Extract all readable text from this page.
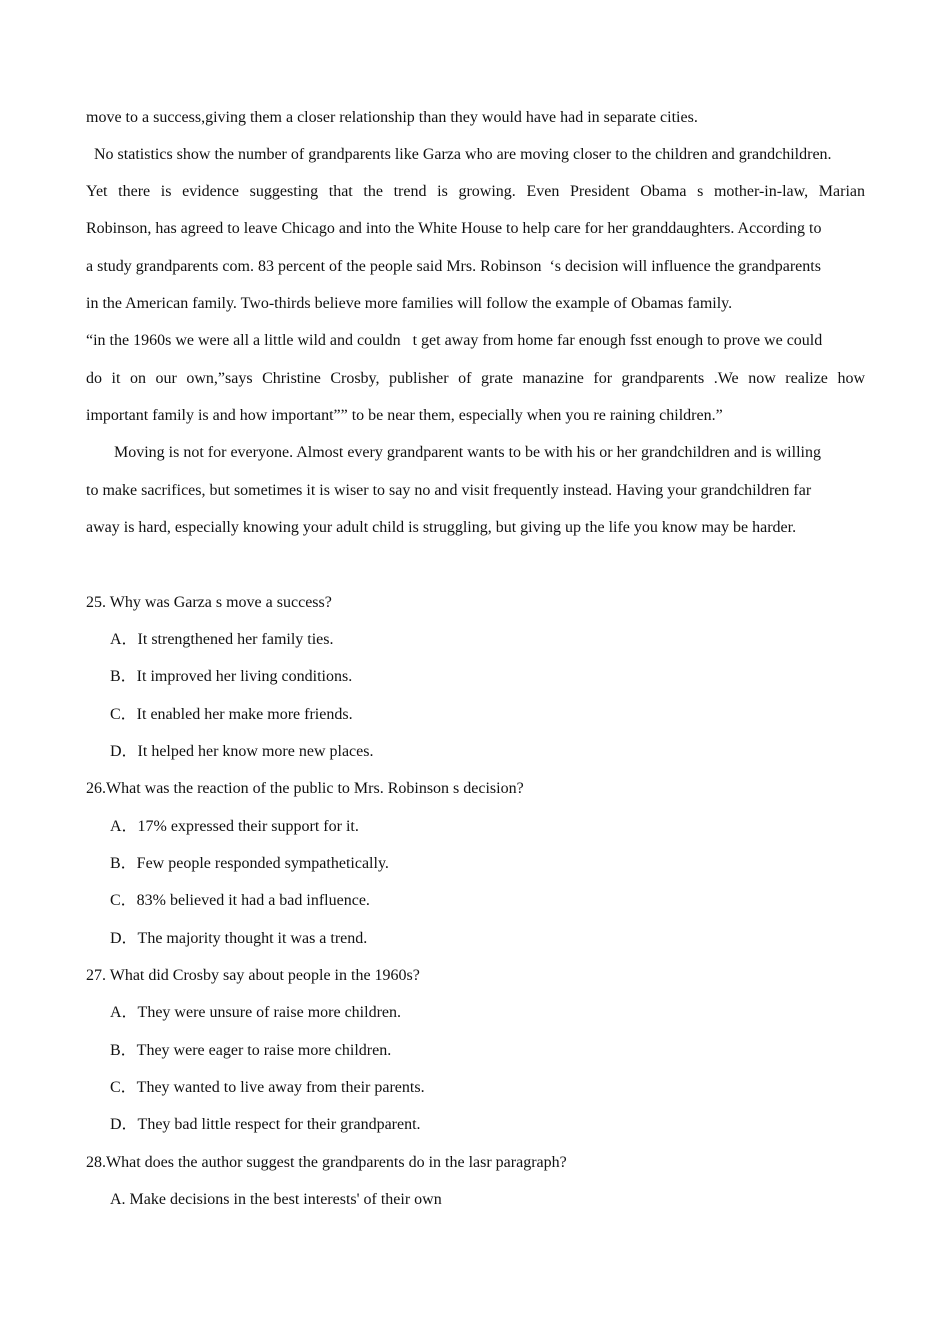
move to a success,giving them a closer relationship than they would have had in separate cities.
No statistics show the number of grandparents like Garza who are moving closer to the children and grandchildren.
Yet there is evidence suggesting that the trend is growing. Even President Obama s mother-in-law, Marian
Robinson, has agreed to leave Chicago and into the White House to help care for her granddaughters. According to
a study grandparents com. 83 percent of the people said Mrs. Robinson  ‘s decision will influence the grandparents
in the American family. Two-thirds believe more families will follow the example of Obamas family.
“in the 1960s we were all a little wild and couldn   t get away from home far enough fsst enough to prove we could
do it on our own,”says Christine Crosby, publisher of grate manazine for grandparents .We now realize how
important family is and how important”” to be near them, especially when you re raining children.”
Moving is not for everyone. Almost every grandparent wants to be with his or her grandchildren and is willing
to make sacrifices, but sometimes it is wiser to say no and visit frequently instead. Having your grandchildren far
away is hard, especially knowing your adult child is struggling, but giving up the life you know may be harder.
25. Why was Garza s move a success?
A．It strengthened her family ties.
B．It improved her living conditions.
C．It enabled her make more friends.
D．It helped her know more new places.
26.What was the reaction of the public to Mrs. Robinson s decision?
A．17% expressed their support for it.
B．Few people responded sympathetically.
C．83% believed it had a bad influence.
D．The majority thought it was a trend.
27. What did Crosby say about people in the 1960s?
A．They were unsure of raise more children.
B．They were eager to raise more children.
C．They wanted to live away from their parents.
D．They bad little respect for their grandparent.
28.What does the author suggest the grandparents do in the lasr paragraph?
A. Make decisions in the best interests' of their own
